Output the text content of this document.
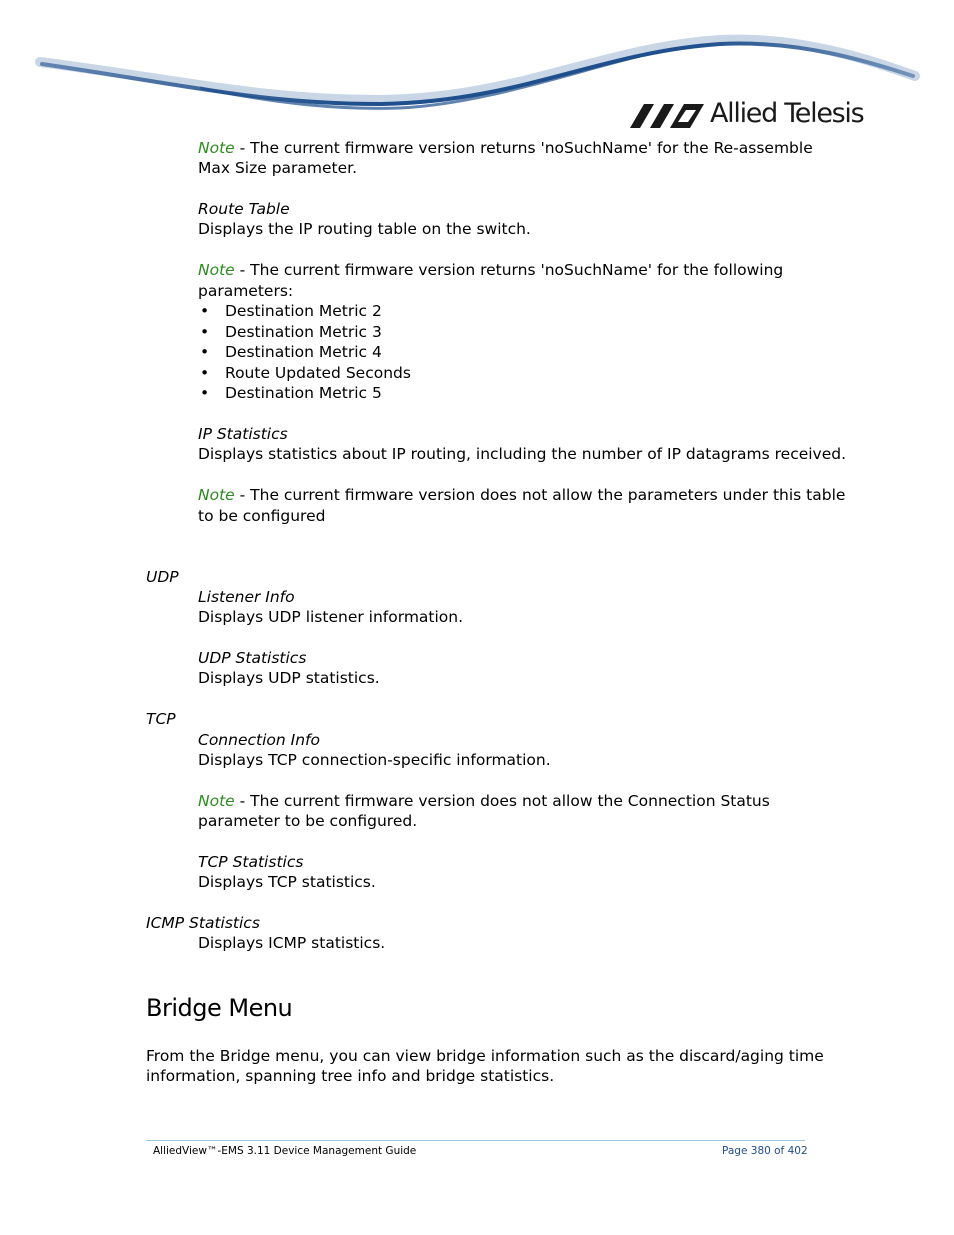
Allied Telesis
Note - The current firmware version returns 'noSuchName' for the Re-assemble
Max Size parameter.
Route Table
Displays the IP routing table on the switch.
Note - The current firmware version returns 'noSuchName' for the following
parameters:
• Destination Metric 2
• Destination Metric 3
• Destination Metric 4
• Route Updated Seconds
• Destination Metric 5
IP Statistics
Displays statistics about IP routing, including the number of IP datagrams received.
Note - The current firmware version does not allow the parameters under this table
to be configured
UDP
Listener Info
Displays UDP listener information.
UDP Statistics
Displays UDP statistics.
TCP
Connection Info
Displays TCP connection-specific information.
Note - The current firmware version does not allow the Connection Status
parameter to be configured.
TCP Statistics
Displays TCP statistics.
ICMP Statistics
Displays ICMP statistics.
Bridge Menu
From the Bridge menu, you can view bridge information such as the discard/aging time
information, spanning tree info and bridge statistics.
AlliedView™-EMS 3.11 Device Management Guide	Page 380 of 402
